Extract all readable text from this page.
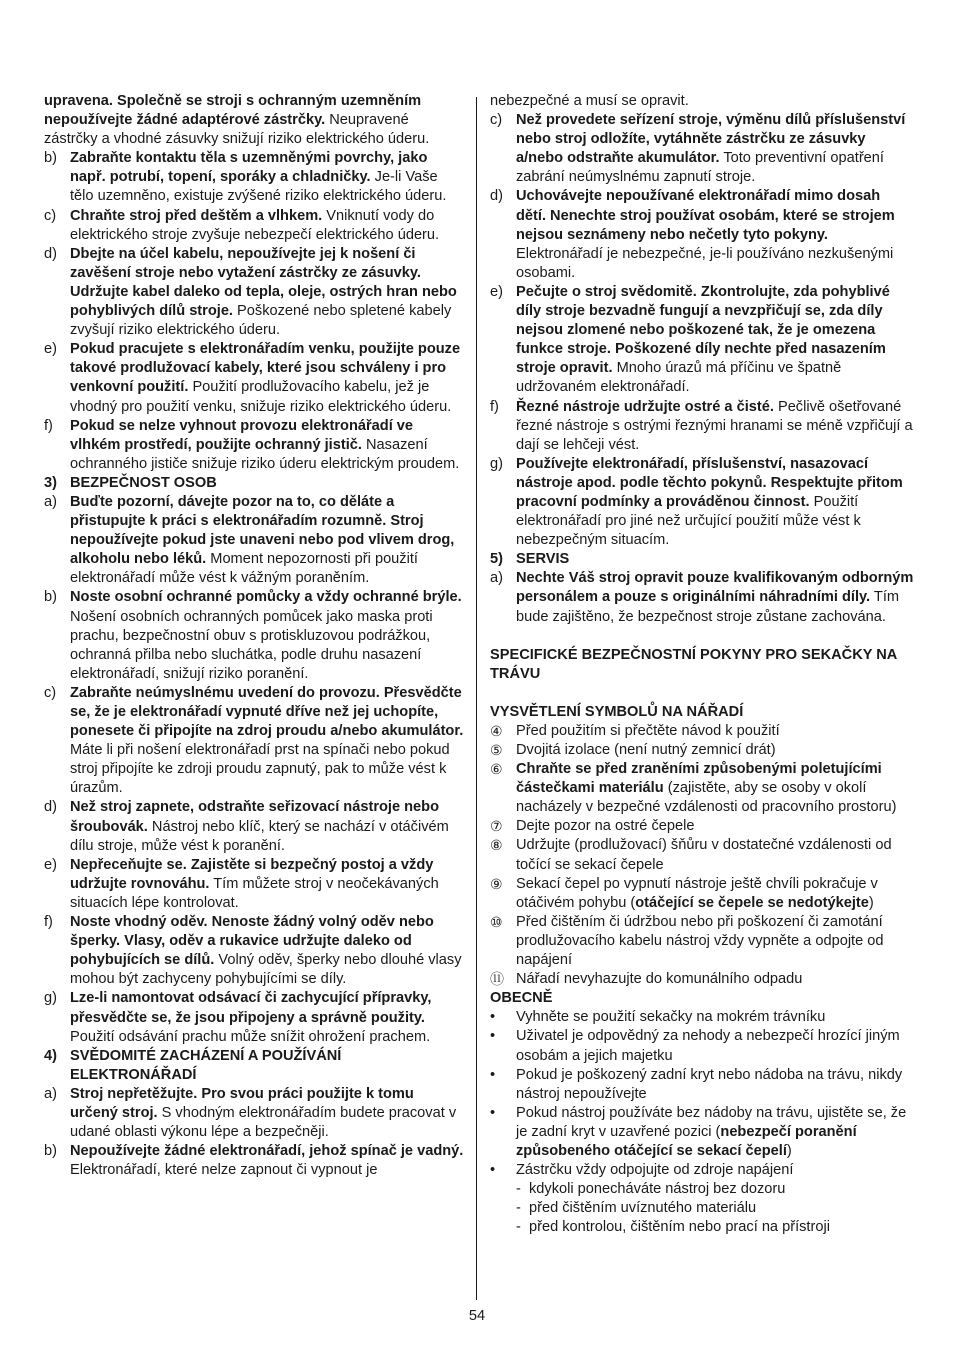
upravena. Společně se stroji s ochranným uzemněním nepoužívejte žádné adaptérové zástrčky. Neupravené zástrčky a vhodné zásuvky snižují riziko elektrického úderu.
b) Zabraňte kontaktu těla s uzemněnými povrchy, jako např. potrubí, topení, sporáky a chladničky. Je-li Vaše tělo uzemněno, existuje zvýšené riziko elektrického úderu.
c) Chraňte stroj před deštěm a vlhkem. Vniknutí vody do elektrického stroje zvyšuje nebezpečí elektrického úderu.
d) Dbejte na účel kabelu, nepoužívejte jej k nošení či zavěšení stroje nebo vytažení zástrčky ze zásuvky. Udržujte kabel daleko od tepla, oleje, ostrých hran nebo pohyblivých dílů stroje. Poškozené nebo spletené kabely zvyšují riziko elektrického úderu.
e) Pokud pracujete s elektronářadím venku, použijte pouze takové prodlužovací kabely, které jsou schváleny i pro venkovní použití. Použití prodlužovacího kabelu, jež je vhodný pro použití venku, snižuje riziko elektrického úderu.
f) Pokud se nelze vyhnout provozu elektronářadí ve vlhkém prostředí, použijte ochranný jistič. Nasazení ochranného jističe snižuje riziko úderu elektrickým proudem.
3) BEZPEČNOST OSOB
a) Buďte pozorní, dávejte pozor na to, co děláte a přistupujte k práci s elektronářadím rozumně. Stroj nepoužívejte pokud jste unaveni nebo pod vlivem drog, alkoholu nebo léků. Moment nepozornosti při použití elektronářadí může vést k vážným poraněním.
b) Noste osobní ochranné pomůcky a vždy ochranné brýle. Nošení osobních ochranných pomůcek jako maska proti prachu, bezpečnostní obuv s protiskluzovou podrážkou, ochranná přilba nebo sluchátka, podle druhu nasazení elektronářadí, snižují riziko poranění.
c) Zabraňte neúmyslnému uvedení do provozu. Přesvědčte se, že je elektronářadí vypnuté dříve než jej uchopíte, ponesete či připojíte na zdroj proudu a/nebo akumulátor. Máte li při nošení elektronářadí prst na spínači nebo pokud stroj připojíte ke zdroji proudu zapnutý, pak to může vést k úrazům.
d) Než stroj zapnete, odstraňte seřizovací nástroje nebo šroubovák. Nástroj nebo klíč, který se nachází v otáčivém dílu stroje, může vést k poranění.
e) Nepřeceňujte se. Zajistěte si bezpečný postoj a vždy udržujte rovnováhu. Tím můžete stroj v neočekávaných situacích lépe kontrolovat.
f) Noste vhodný oděv. Nenoste žádný volný oděv nebo šperky. Vlasy, oděv a rukavice udržujte daleko od pohybujících se dílů. Volný oděv, šperky nebo dlouhé vlasy mohou být zachyceny pohybujícími se díly.
g) Lze-li namontovat odsávací či zachycující přípravky, přesvědčte se, že jsou připojeny a správně použity. Použití odsávání prachu může snížit ohrožení prachem.
4) SVĚDOMITÉ ZACHÁZENÍ A POUŽÍVÁNÍ ELEKTRONÁŘADÍ
a) Stroj nepřetěžujte. Pro svou práci použijte k tomu určený stroj. S vhodným elektronářadím budete pracovat v udané oblasti výkonu lépe a bezpečněji.
b) Nepoužívejte žádné elektronářadí, jehož spínač je vadný. Elektronářadí, které nelze zapnout či vypnout je
nebezpečné a musí se opravit.
c) Než provedete seřízení stroje, výměnu dílů příslušenství nebo stroj odložíte, vytáhněte zástrčku ze zásuvky a/nebo odstraňte akumulátor. Toto preventivní opatření zabrání neúmyslnému zapnutí stroje.
d) Uchovávejte nepoužívané elektronářadí mimo dosah dětí. Nenechte stroj používat osobám, které se strojem nejsou seznámeny nebo nečetly tyto pokyny. Elektronářadí je nebezpečné, je-li používáno nezkušenými osobami.
e) Pečujte o stroj svědomitě. Zkontrolujte, zda pohyblivé díly stroje bezvadně fungují a nevzpřičují se, zda díly nejsou zlomené nebo poškozené tak, že je omezena funkce stroje. Poškozené díly nechte před nasazením stroje opravit. Mnoho úrazů má příčinu ve špatně udržovaném elektronářadí.
f) Řezné nástroje udržujte ostré a čisté. Pečlivě ošetřované řezné nástroje s ostrými řeznými hranami se méně vzpřičují a dají se lehčeji vést.
g) Používejte elektronářadí, příslušenství, nasazovací nástroje apod. podle těchto pokynů. Respektujte přitom pracovní podmínky a prováděnou činnost. Použití elektronářadí pro jiné než určující použití může vést k nebezpečným situacím.
5) SERVIS
a) Nechte Váš stroj opravit pouze kvalifikovaným odborným personálem a pouze s originálními náhradními díly. Tím bude zajištěno, že bezpečnost stroje zůstane zachována.
SPECIFICKÉ BEZPEČNOSTNÍ POKYNY PRO SEKAČKY NA TRÁVU
VYSVĚTLENÍ SYMBOLŮ NA NÁŘADÍ
④ Před použitím si přečtěte návod k použití
⑤ Dvojitá izolace (není nutný zemnicí drát)
⑥ Chraňte se před zraněními způsobenými poletujícími částečkami materiálu (zajistěte, aby se osoby v okolí nacházely v bezpečné vzdálenosti od pracovního prostoru)
⑦ Dejte pozor na ostré čepele
⑧ Udržujte (prodlužovací) šňůru v dostatečné vzdálenosti od točící se sekací čepele
⑨ Sekací čepel po vypnutí nástroje ještě chvíli pokračuje v otáčivém pohybu (otáčející se čepele se nedotýkejte)
⑩ Před čištěním či údržbou nebo při poškození či zamotání prodlužovacího kabelu nástroj vždy vypněte a odpojte od napájení
⑪ Nářadí nevyhazujte do komunálního odpadu
OBECNĚ
• Vyhněte se použití sekačky na mokrém trávníku
• Uživatel je odpovědný za nehody a nebezpečí hrozící jiným osobám a jejich majetku
• Pokud je poškozený zadní kryt nebo nádoba na trávu, nikdy nástroj nepoužívejte
• Pokud nástroj používáte bez nádoby na trávu, ujistěte se, že je zadní kryt v uzavřené pozici (nebezpečí poranění způsobeného otáčející se sekací čepelí)
• Zástrčku vždy odpojujte od zdroje napájení
- kdykoli ponecháváte nástroj bez dozoru
- před čištěním uvíznutého materiálu
- před kontrolou, čištěním nebo prací na přístroji
54
